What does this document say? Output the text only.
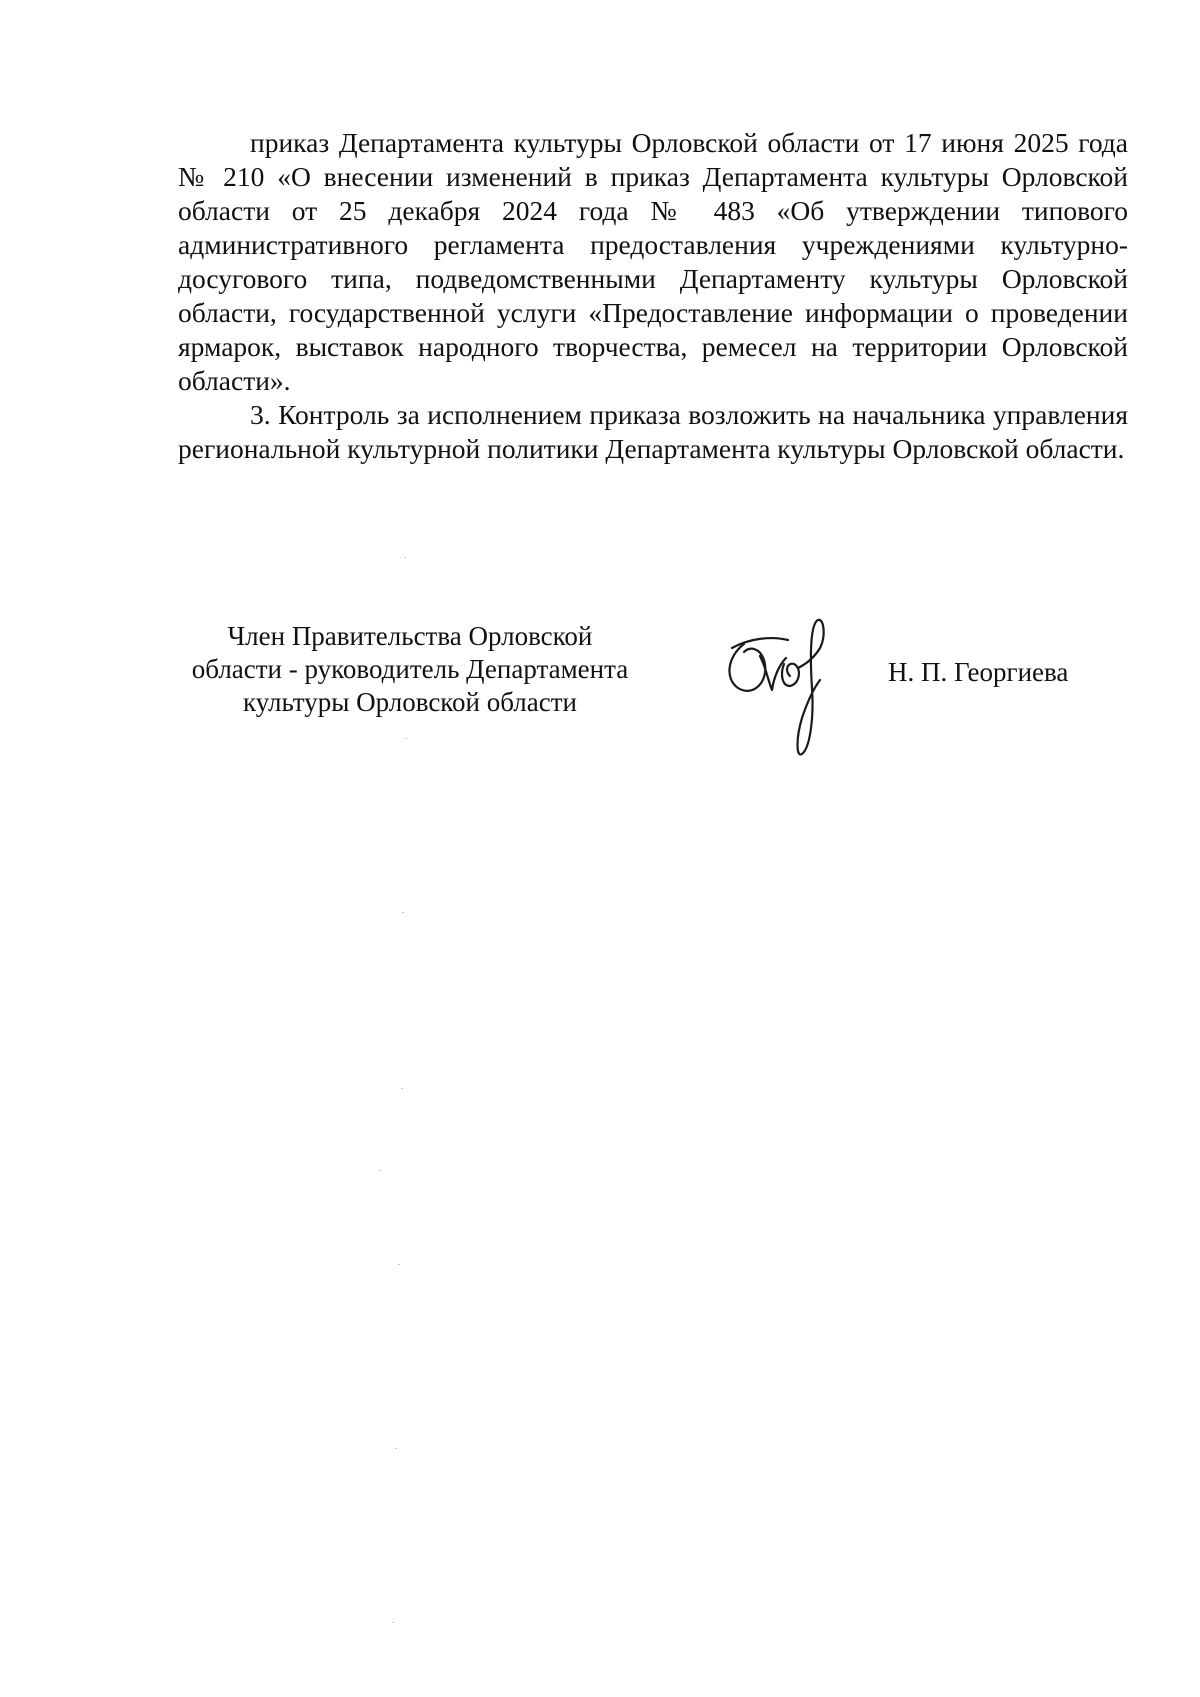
приказ Департамента культуры Орловской области от 17 июня 2025 года № 210 «О внесении изменений в приказ Департамента культуры Орловской области от 25 декабря 2024 года № 483 «Об утверждении типового административного регламента предоставления учреждениями культурно-досугового типа, подведомственными Департаменту культуры Орловской области, государственной услуги «Предоставление информации о проведении ярмарок, выставок народного творчества, ремесел на территории Орловской области».

3. Контроль за исполнением приказа возложить на начальника управления региональной культурной политики Департамента культуры Орловской области.

Член Правительства Орловской
области - руководитель Департамента
культуры Орловской области
Н. П. Георгиева
